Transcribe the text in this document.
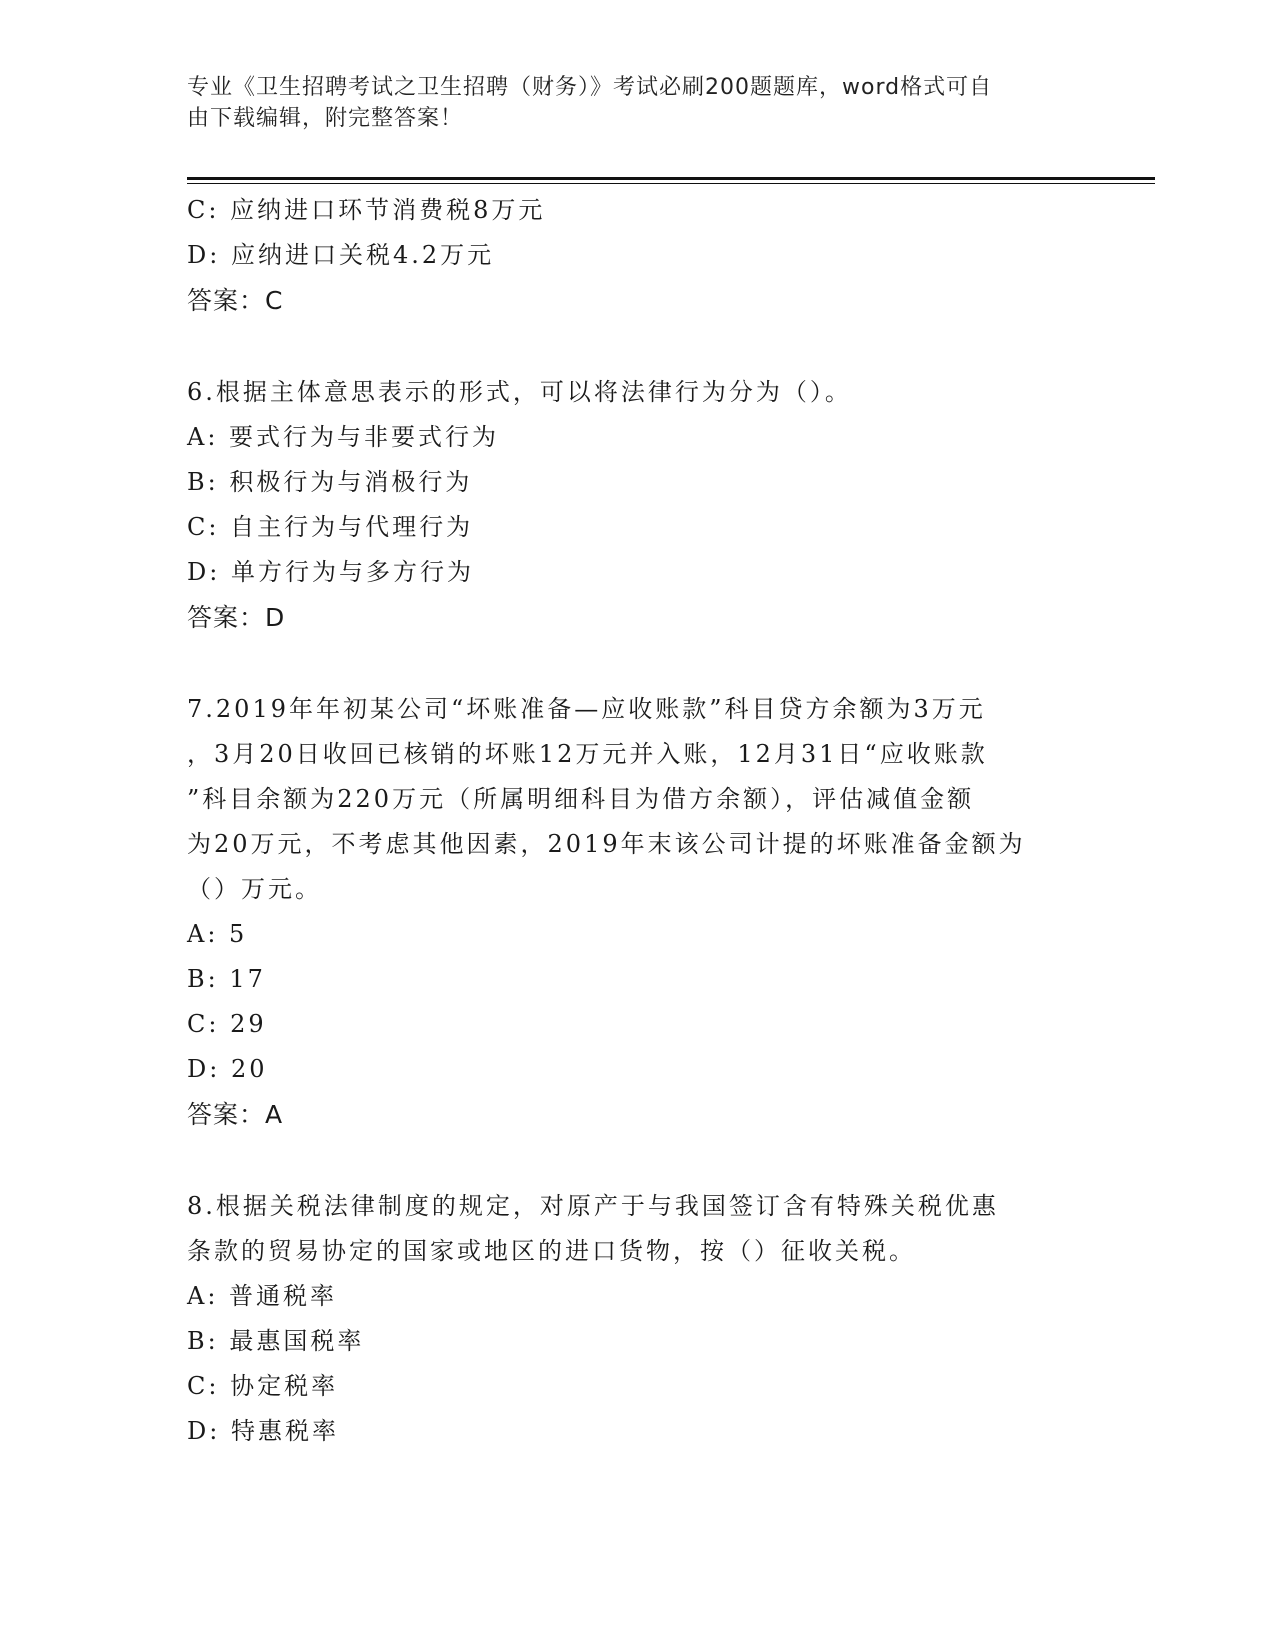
专业《卫生招聘考试之卫生招聘（财务）》考试必刷200题题库，word格式可自
由下载编辑，附完整答案！
C: 应纳进口环节消费税8万元
D: 应纳进口关税4.2万元
答案：C
6.根据主体意思表示的形式，可以将法律行为分为（）。
A: 要式行为与非要式行为
B: 积极行为与消极行为
C: 自主行为与代理行为
D: 单方行为与多方行为
答案：D
7.2019年年初某公司“坏账准备—应收账款”科目贷方余额为3万元
，3月20日收回已核销的坏账12万元并入账，12月31日“应收账款
”科目余额为220万元（所属明细科目为借方余额），评估减值金额
为20万元，不考虑其他因素，2019年末该公司计提的坏账准备金额为
（）万元。
A: 5
B: 17
C: 29
D: 20
答案：A
8.根据关税法律制度的规定，对原产于与我国签订含有特殊关税优惠
条款的贸易协定的国家或地区的进口货物，按（）征收关税。
A: 普通税率
B: 最惠国税率
C: 协定税率
D: 特惠税率
